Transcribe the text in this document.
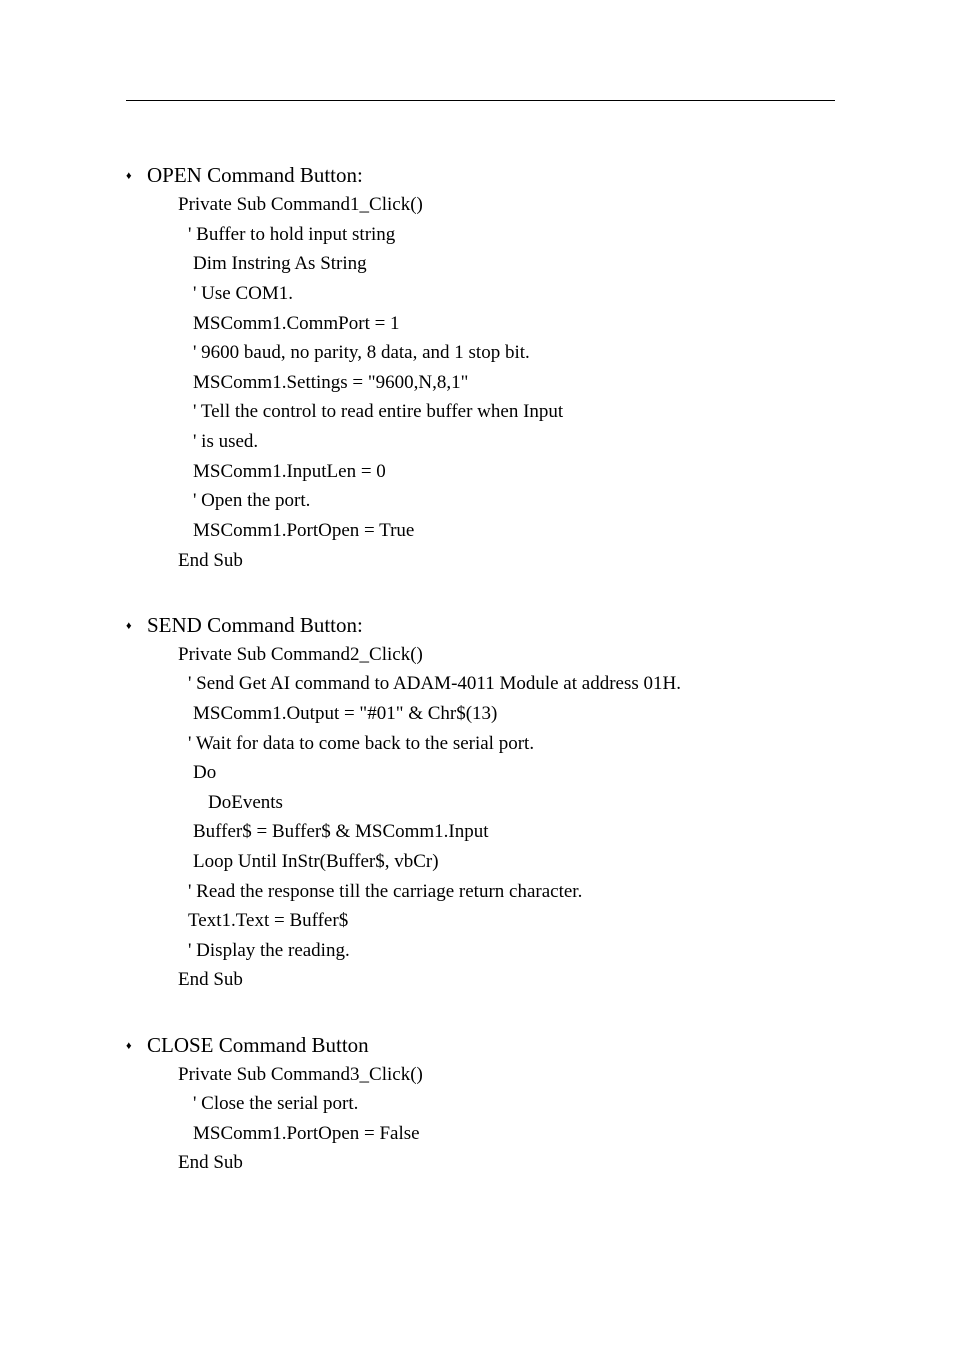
♦ OPEN Command Button:
Private Sub Command1_Click()
' Buffer to hold input string
Dim Instring As String
' Use COM1.
MSComm1.CommPort = 1
' 9600 baud, no parity, 8 data, and 1 stop bit.
MSComm1.Settings = "9600,N,8,1"
' Tell the control to read entire buffer when Input
' is used.
MSComm1.InputLen = 0
' Open the port.
MSComm1.PortOpen = True
End Sub
♦ SEND Command Button:
Private Sub Command2_Click()
' Send Get AI command to ADAM-4011 Module at address 01H.
MSComm1.Output = "#01" & Chr$(13)
' Wait for data to come back to the serial port.
Do
DoEvents
Buffer$ = Buffer$ & MSComm1.Input
Loop Until InStr(Buffer$, vbCr)
' Read the response till the carriage return character.
Text1.Text = Buffer$
' Display the reading.
End Sub
♦ CLOSE Command Button
Private Sub Command3_Click()
' Close the serial port.
MSComm1.PortOpen = False
End Sub
